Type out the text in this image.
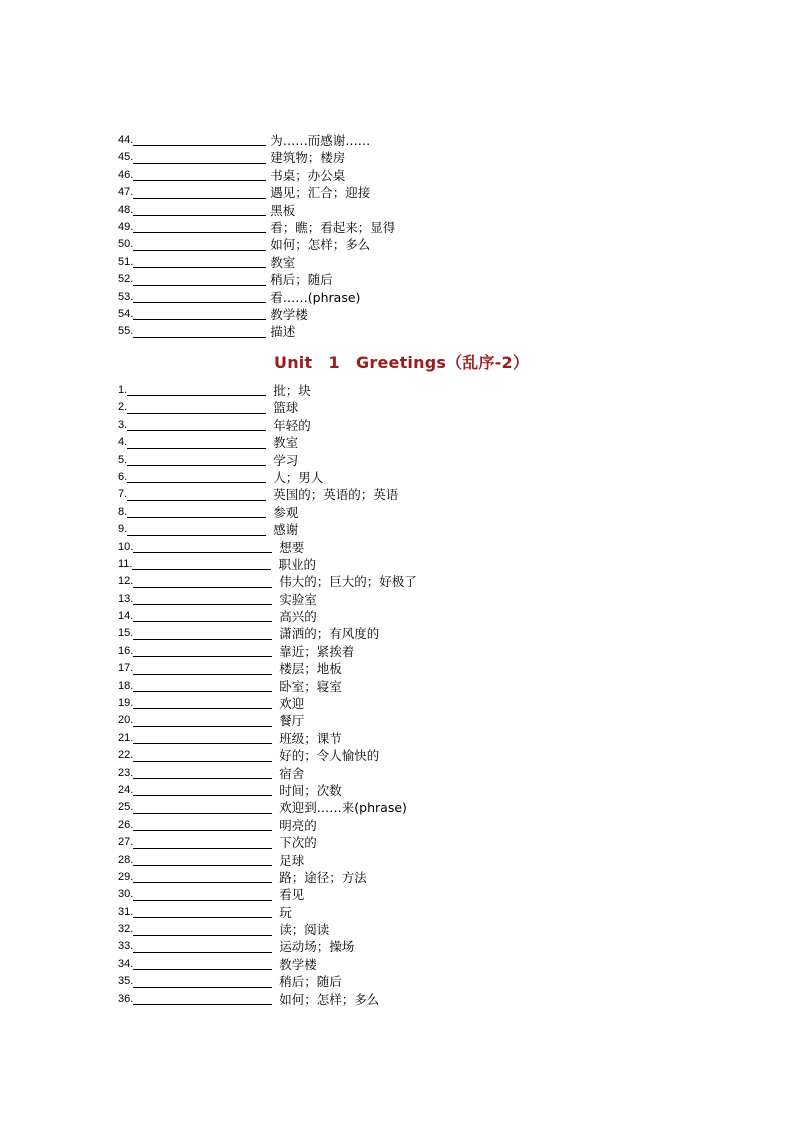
44.	为……而感谢……
45.	建筑物；楼房
46.	书桌；办公桌
47.	遇见；汇合；迎接
48.	黑板
49.	看；瞧；看起来；显得
50.	如何；怎样；多么
51.	教室
52.	稍后；随后
53.	看……(phrase)
54.	教学楼
55.	描述
Unit　1　Greetings（乱序-2）
1.	批；块
2.	篮球
3.	年轻的
4.	教室
5.	学习
6.	人；男人
7.	英国的；英语的；英语
8.	参观
9.	感谢
10.	想要
11.	职业的
12.	伟大的；巨大的；好极了
13.	实验室
14.	高兴的
15.	潇洒的；有风度的
16.	靠近；紧挨着
17.	楼层；地板
18.	卧室；寝室
19.	欢迎
20.	餐厅
21.	班级；课节
22.	好的；令人愉快的
23.	宿舍
24.	时间；次数
25.	欢迎到……来(phrase)
26.	明亮的
27.	下次的
28.	足球
29.	路；途径；方法
30.	看见
31.	玩
32.	读；阅读
33.	运动场；操场
34.	教学楼
35.	稍后；随后
36.	如何；怎样；多么
